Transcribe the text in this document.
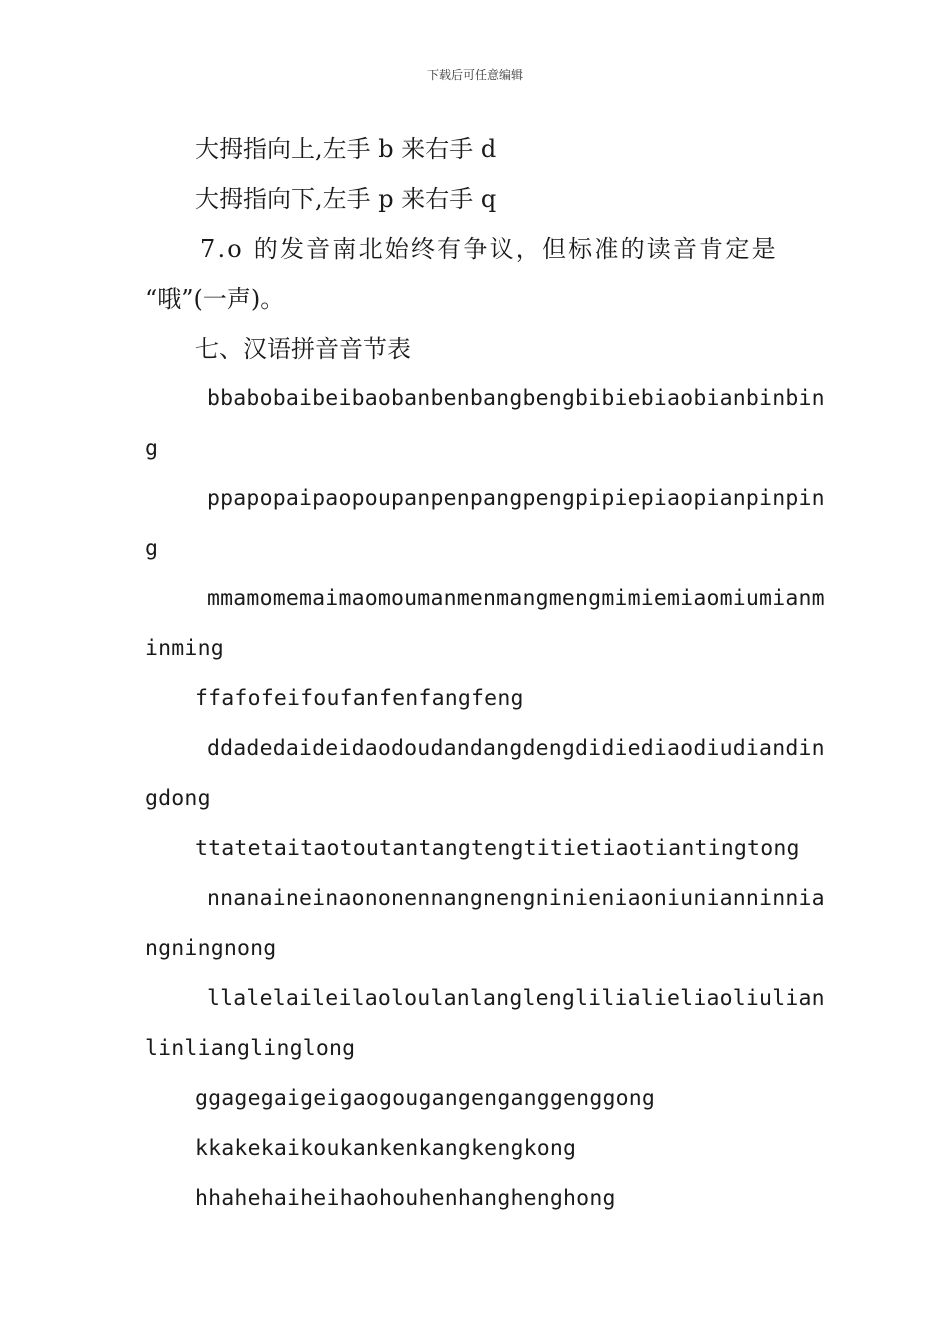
下载后可任意编辑
大拇指向上,左手 b 来右手 d
大拇指向下,左手 p 来右手 q
7.o 的发音南北始终有争议，但标准的读音肯定是
“哦”(一声)。
七、汉语拼音音节表
bbabobaibeibaobanbenbangbengbibiebiaobianbinbin
g
ppapopaipaopoupanpenpangpengpipiepiaopianpinpin
g
mmamomemaimaomoumanmenmangmengmimiemiaomiumianm
inming
ffafofeifoufanfenfangfeng
ddadedaideidaodoudandangdengdidiediaodiudiandin
gdong
ttatetaitaotoutantangtengtitietiaotiantingtong
nnanaineinaononennangnengninieniaoniunianninnia
ngningnong
llalelaileilaoloulanlanglenglilialieliaoliulian
linlianglinglong
ggagegaigeigaogougangenganggenggong
kkakekaikoukankenkangkengkong
hhahehaiheihaohouhenhanghenghong
